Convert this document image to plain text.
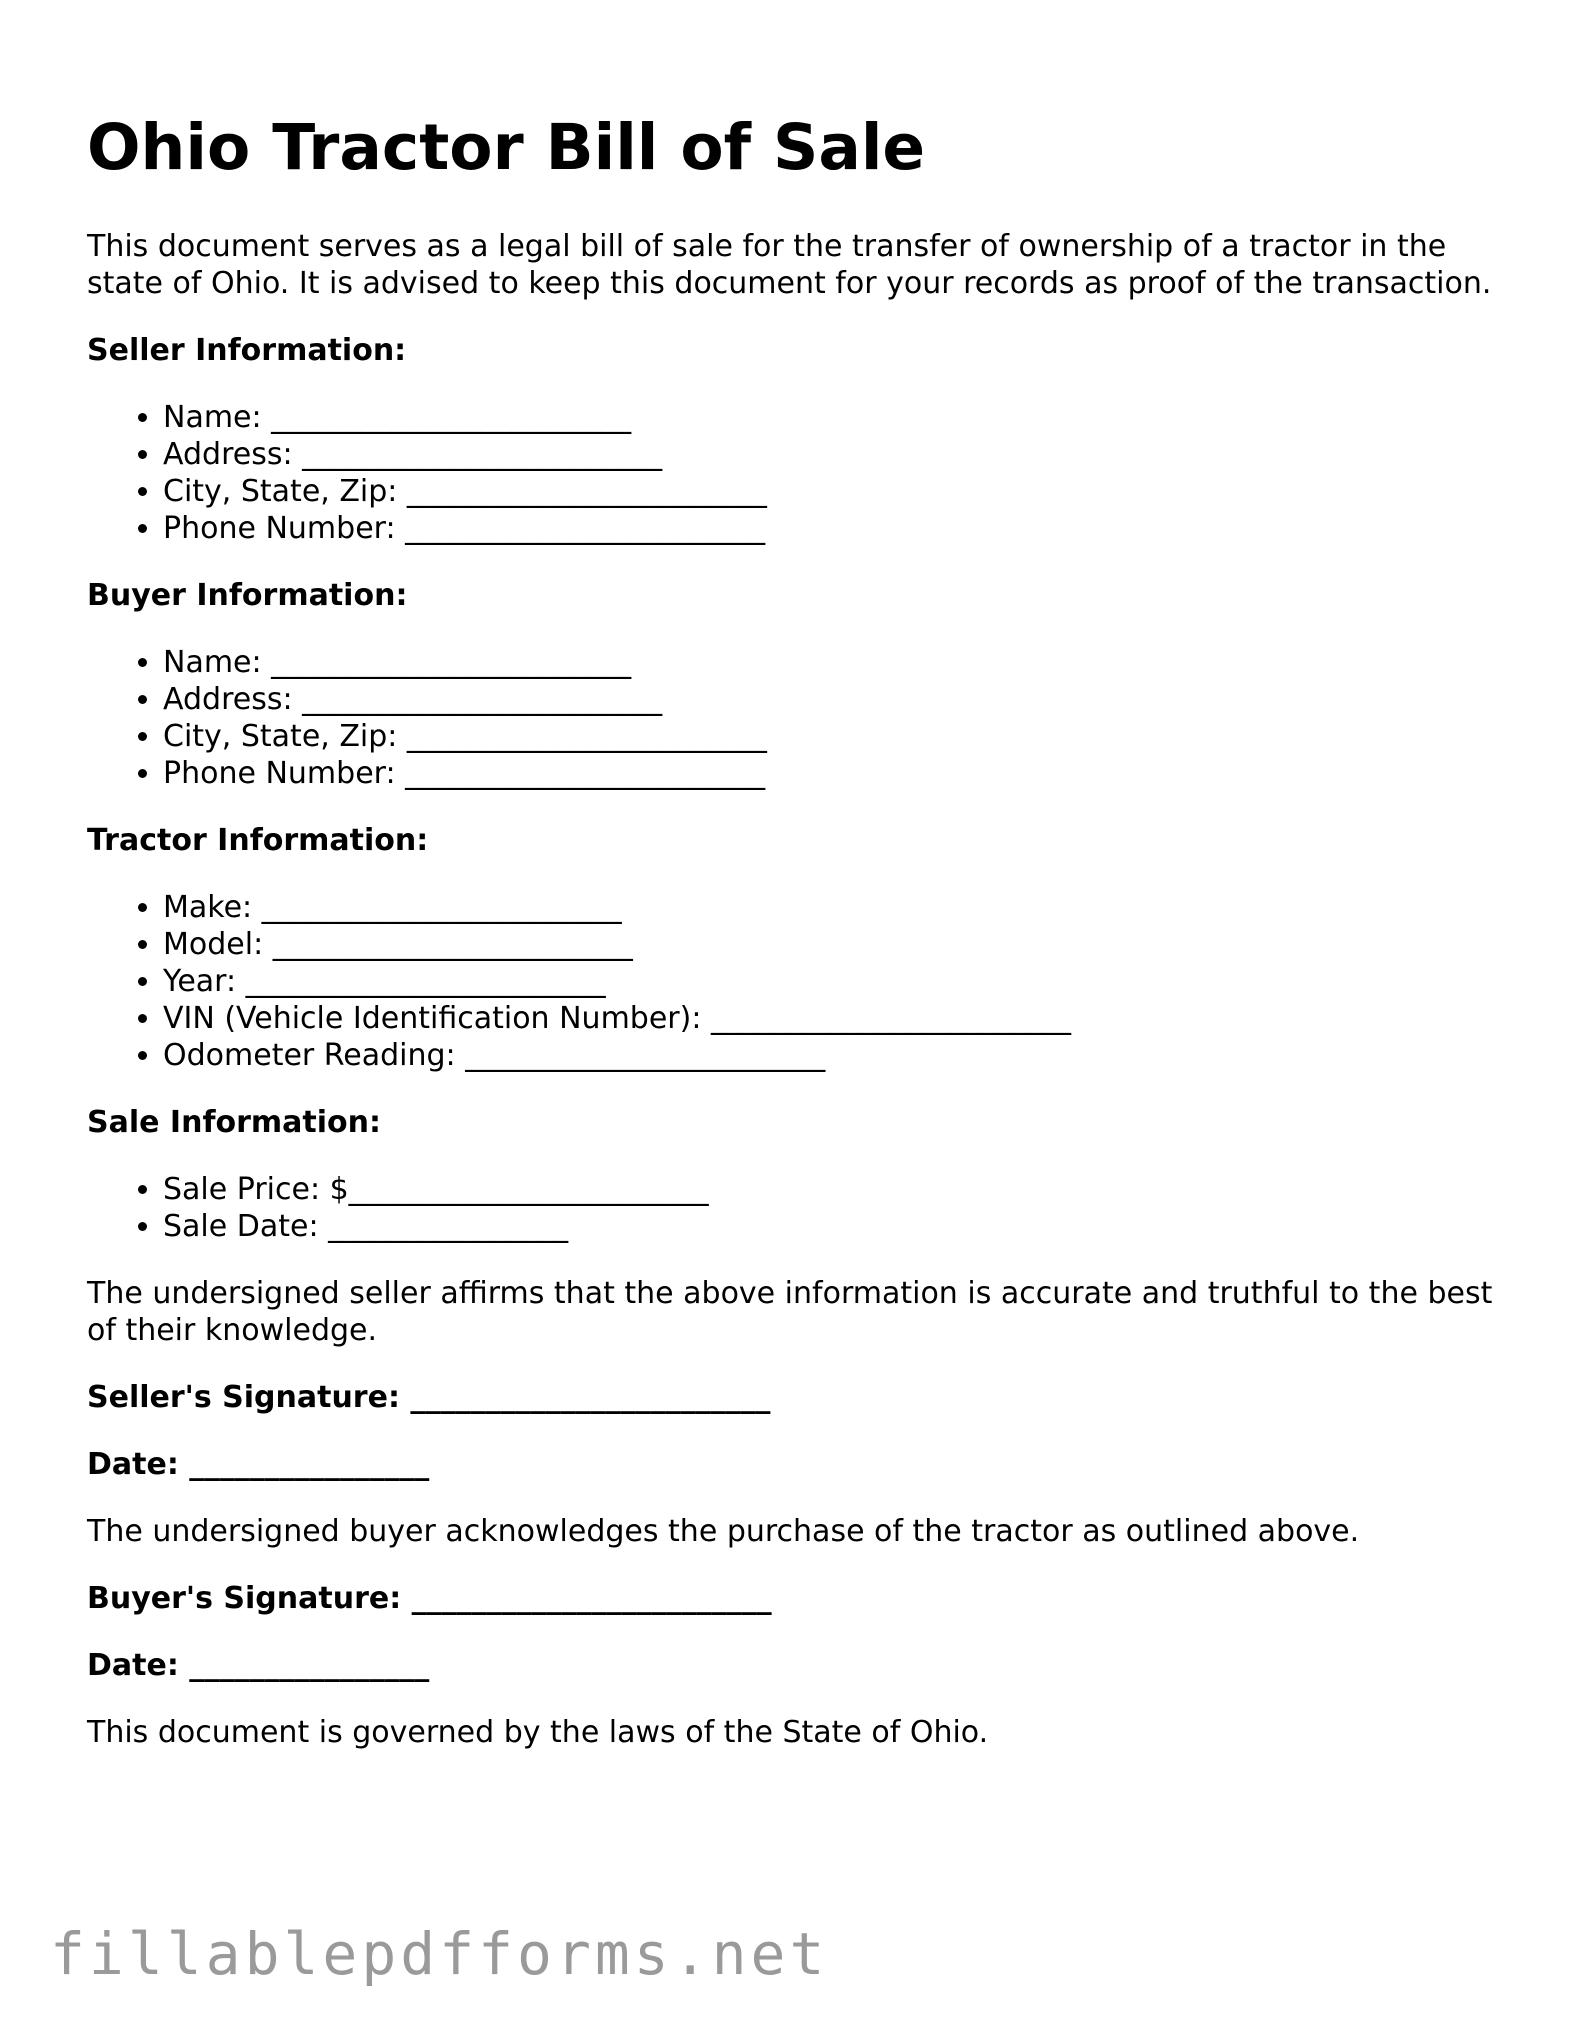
Ohio Tractor Bill of Sale

This document serves as a legal bill of sale for the transfer of ownership of a tractor in the state of Ohio. It is advised to keep this document for your records as proof of the transaction.

Seller Information:

• Name: ________________________
• Address: ________________________
• City, State, Zip: ________________________
• Phone Number: ________________________

Buyer Information:

• Name: ________________________
• Address: ________________________
• City, State, Zip: ________________________
• Phone Number: ________________________

Tractor Information:

• Make: ________________________
• Model: ________________________
• Year: ________________________
• VIN (Vehicle Identification Number): ________________________
• Odometer Reading: ________________________

Sale Information:

• Sale Price: $________________________
• Sale Date: ________________

The undersigned seller affirms that the above information is accurate and truthful to the best of their knowledge.

Seller's Signature: ________________________

Date: ________________

The undersigned buyer acknowledges the purchase of the tractor as outlined above.

Buyer's Signature: ________________________

Date: ________________

This document is governed by the laws of the State of Ohio.

fillablepdfforms.net
